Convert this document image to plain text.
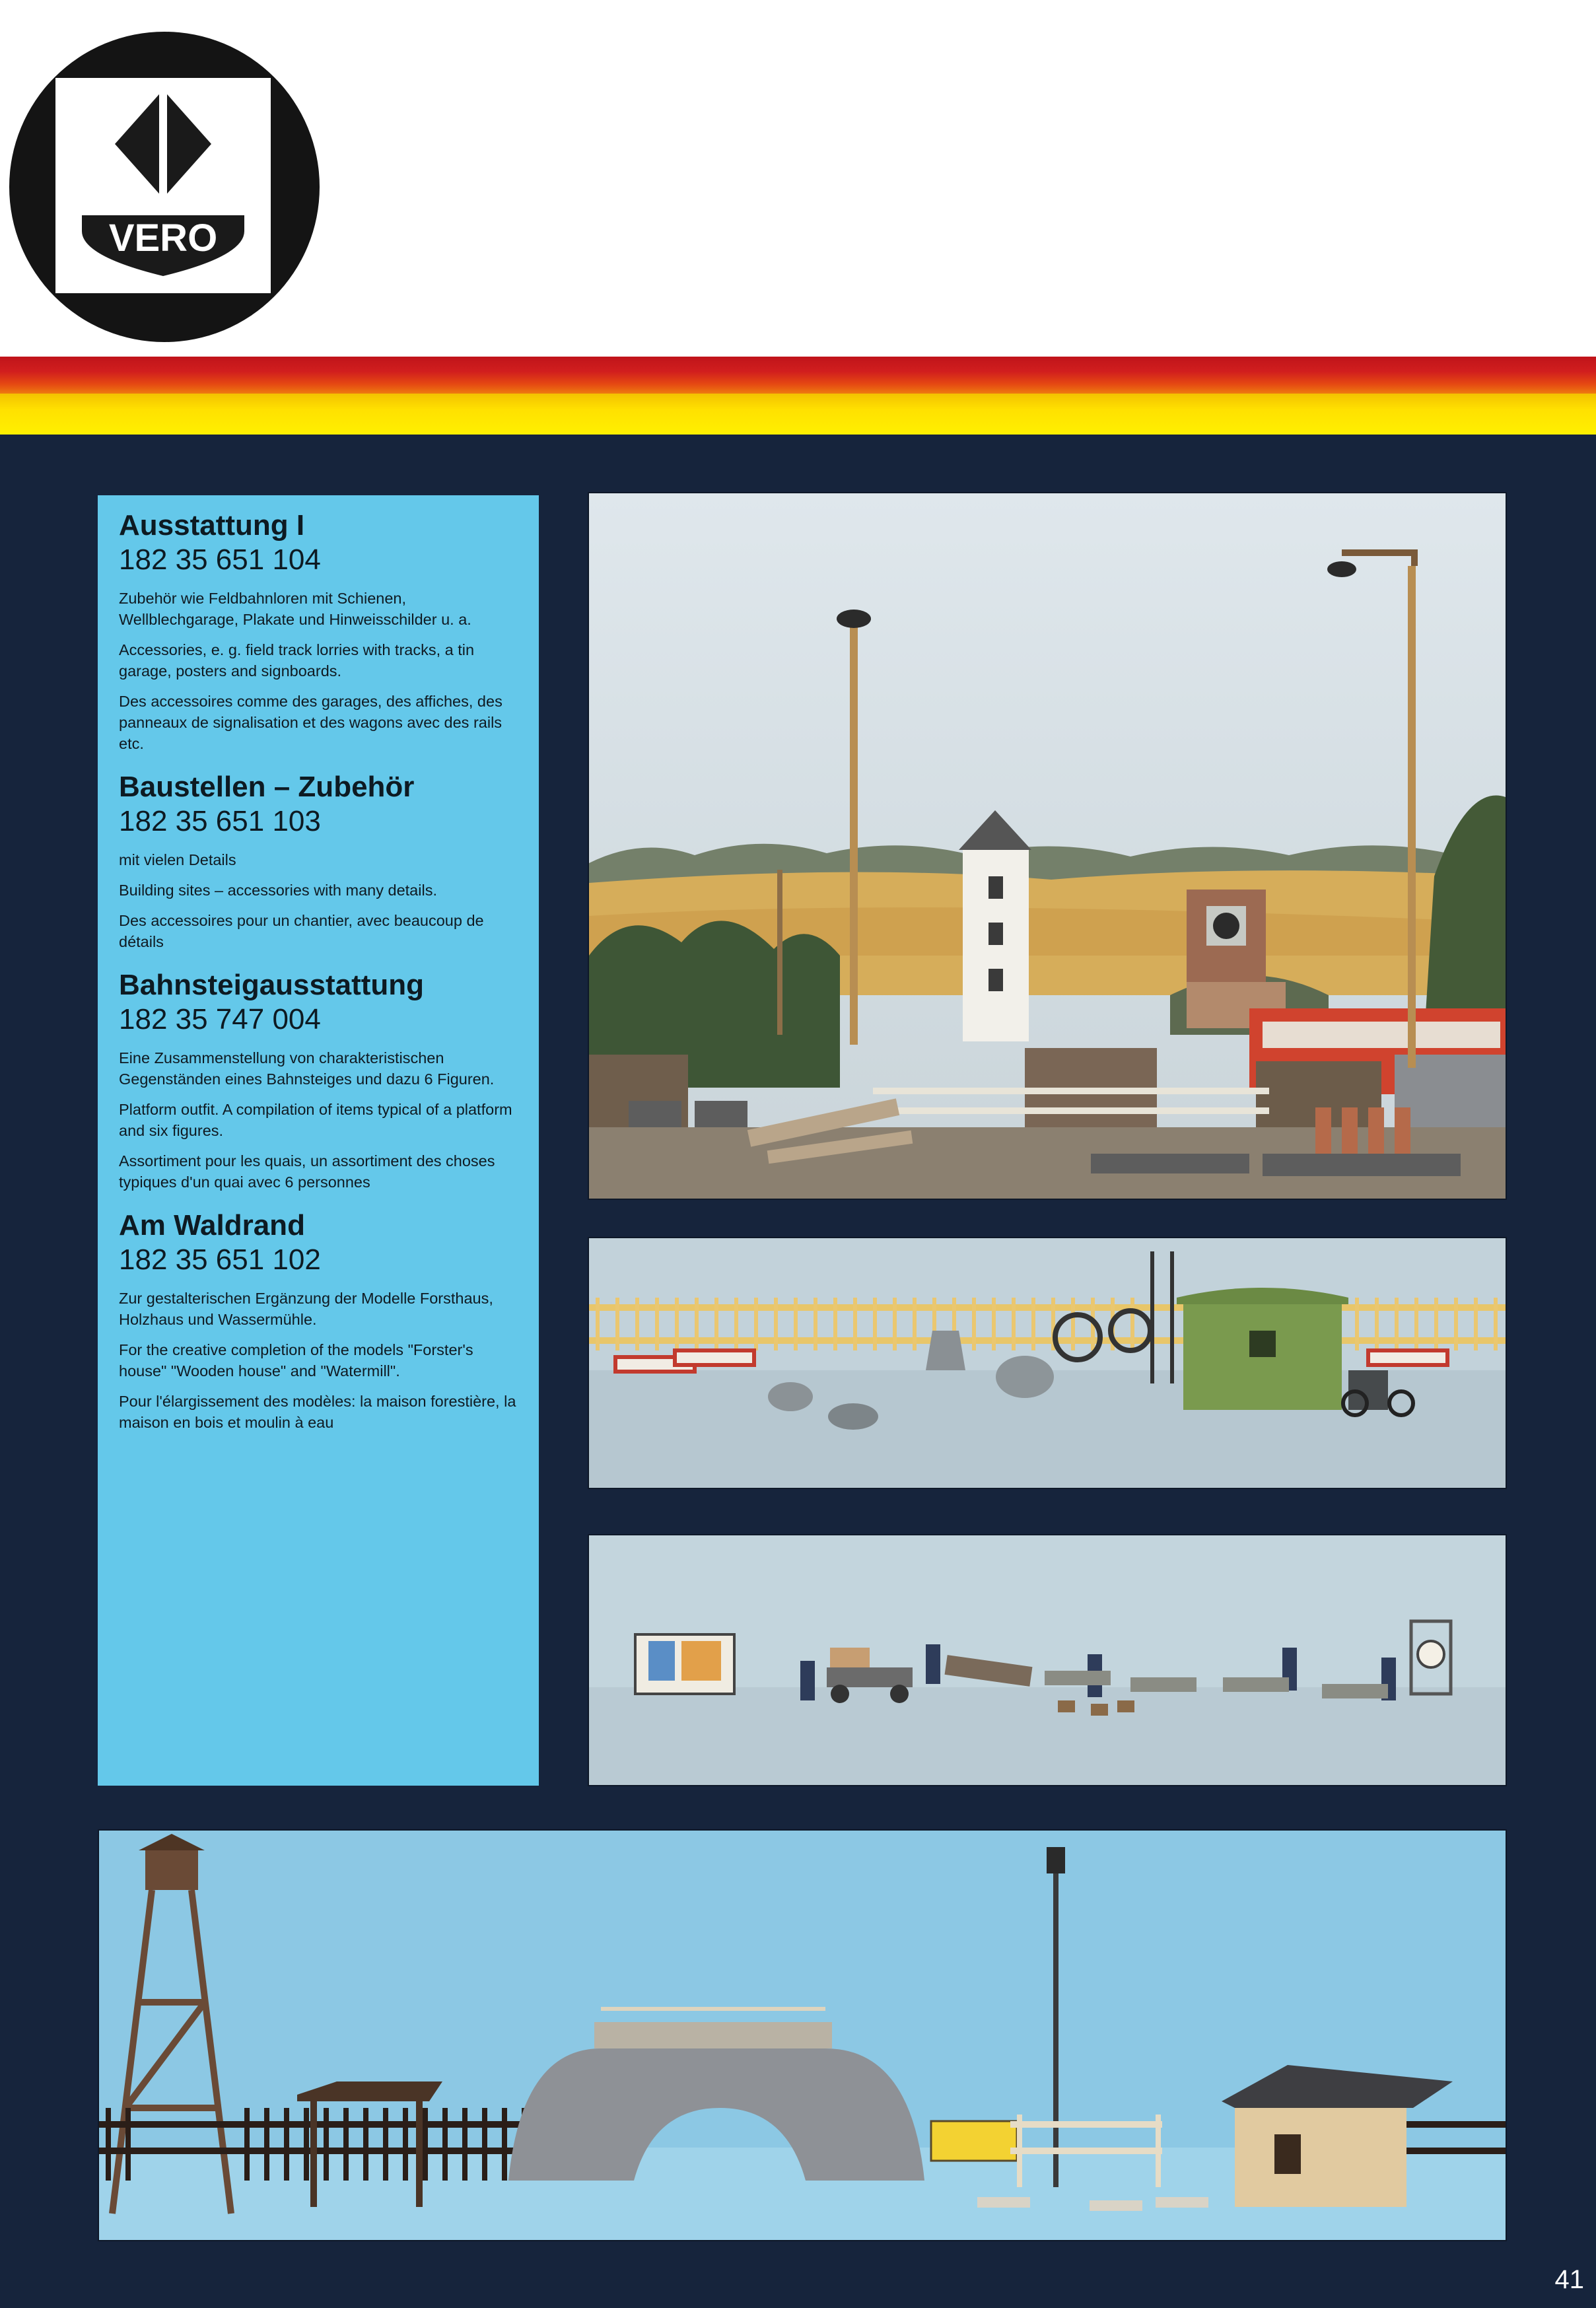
VERO

Ausstattung I

182 35 651 104

Zubehör wie Feldbahnloren mit Schienen, Wellblechgarage, Plakate und Hinweisschilder u. a.

Accessories, e. g. field track lorries with tracks, a tin garage, posters and signboards.

Des accessoires comme des garages, des affiches, des panneaux de signalisation et des wagons avec des rails etc.

Baustellen – Zubehör

182 35 651 103

mit vielen Details

Building sites – accessories with many details.

Des accessoires pour un chantier, avec beaucoup de détails

Bahnsteigausstattung

182 35 747 004

Eine Zusammenstellung von charakteristischen Gegenständen eines Bahnsteiges und dazu 6 Figuren.

Platform outfit. A compilation of items typical of a platform and six figures.

Assortiment pour les quais, un assortiment des choses typiques d'un quai avec 6 personnes

Am Waldrand

182 35 651 102

Zur gestalterischen Ergänzung der Modelle Forsthaus, Holzhaus und Wassermühle.

For the creative completion of the models "Forster's house" "Wooden house" and "Watermill".

Pour l'élargissement des modèles: la maison forestière, la maison en bois et moulin à eau

41
